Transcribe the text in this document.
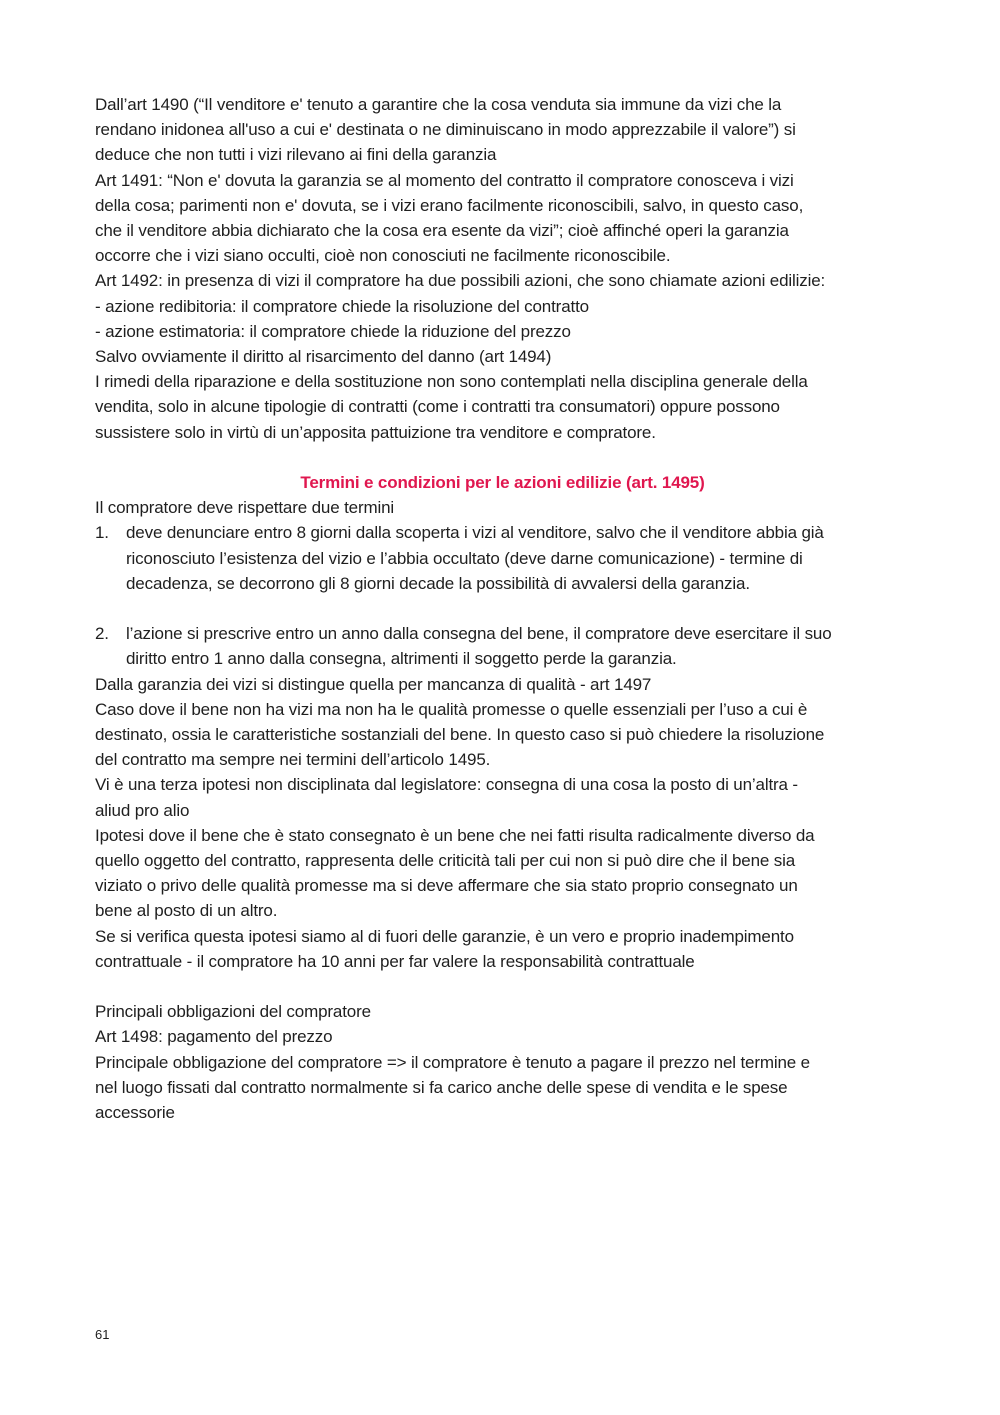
Dall’art 1490 (“Il venditore e' tenuto a garantire che la cosa venduta sia immune da vizi che la
rendano inidonea all'uso a cui e' destinata o ne diminuiscano in modo apprezzabile il valore”) si
deduce che non tutti i vizi rilevano ai fini della garanzia
Art 1491: “Non e' dovuta la garanzia se al momento del contratto il compratore conosceva i vizi
della cosa; parimenti non e' dovuta, se i vizi erano facilmente riconoscibili, salvo, in questo caso,
che il venditore abbia dichiarato che la cosa era esente da vizi”; cioè affinché operi la garanzia
occorre che i vizi siano occulti, cioè non conosciuti ne facilmente riconoscibile.
Art 1492: in presenza di vizi il compratore ha due possibili azioni, che sono chiamate azioni edilizie:
- azione redibitoria: il compratore chiede la risoluzione del contratto
- azione estimatoria: il compratore chiede la riduzione del prezzo
Salvo ovviamente il diritto al risarcimento del danno (art 1494)
I rimedi della riparazione e della sostituzione non sono contemplati nella disciplina generale della
vendita, solo in alcune tipologie di contratti (come i contratti tra consumatori) oppure possono
sussistere solo in virtù di un’apposita pattuizione tra venditore e compratore.
Termini e condizioni per le azioni edilizie (art. 1495)
Il compratore deve rispettare due termini
1. deve denunciare entro 8 giorni dalla scoperta i vizi al venditore, salvo che il venditore abbia già
riconosciuto l’esistenza del vizio e l’abbia occultato (deve darne comunicazione) - termine di
decadenza, se decorrono gli 8 giorni decade la possibilità di avvalersi della garanzia.
2. l’azione si prescrive entro un anno dalla consegna del bene, il compratore deve esercitare il suo
diritto entro 1 anno dalla consegna, altrimenti il soggetto perde la garanzia.
Dalla garanzia dei vizi si distingue quella per mancanza di qualità - art 1497
Caso dove il bene non ha vizi ma non ha le qualità promesse o quelle essenziali per l’uso a cui è
destinato, ossia le caratteristiche sostanziali del bene. In questo caso si può chiedere la risoluzione
del contratto ma sempre nei termini dell’articolo 1495.
Vi è una terza ipotesi non disciplinata dal legislatore: consegna di una cosa la posto di un’altra -
aliud pro alio
Ipotesi dove il bene che è stato consegnato è un bene che nei fatti risulta radicalmente diverso da
quello oggetto del contratto, rappresenta delle criticità tali per cui non si può dire che il bene sia
viziato o privo delle qualità promesse ma si deve affermare che sia stato proprio consegnato un
bene al posto di un altro.
Se si verifica questa ipotesi siamo al di fuori delle garanzie, è un vero e proprio inadempimento
contrattuale - il compratore ha 10 anni per far valere la responsabilità contrattuale
Principali obbligazioni del compratore
Art 1498: pagamento del prezzo
Principale obbligazione del compratore => il compratore è tenuto a pagare il prezzo nel termine e
nel luogo fissati dal contratto normalmente si fa carico anche delle spese di vendita e le spese
accessorie
61
